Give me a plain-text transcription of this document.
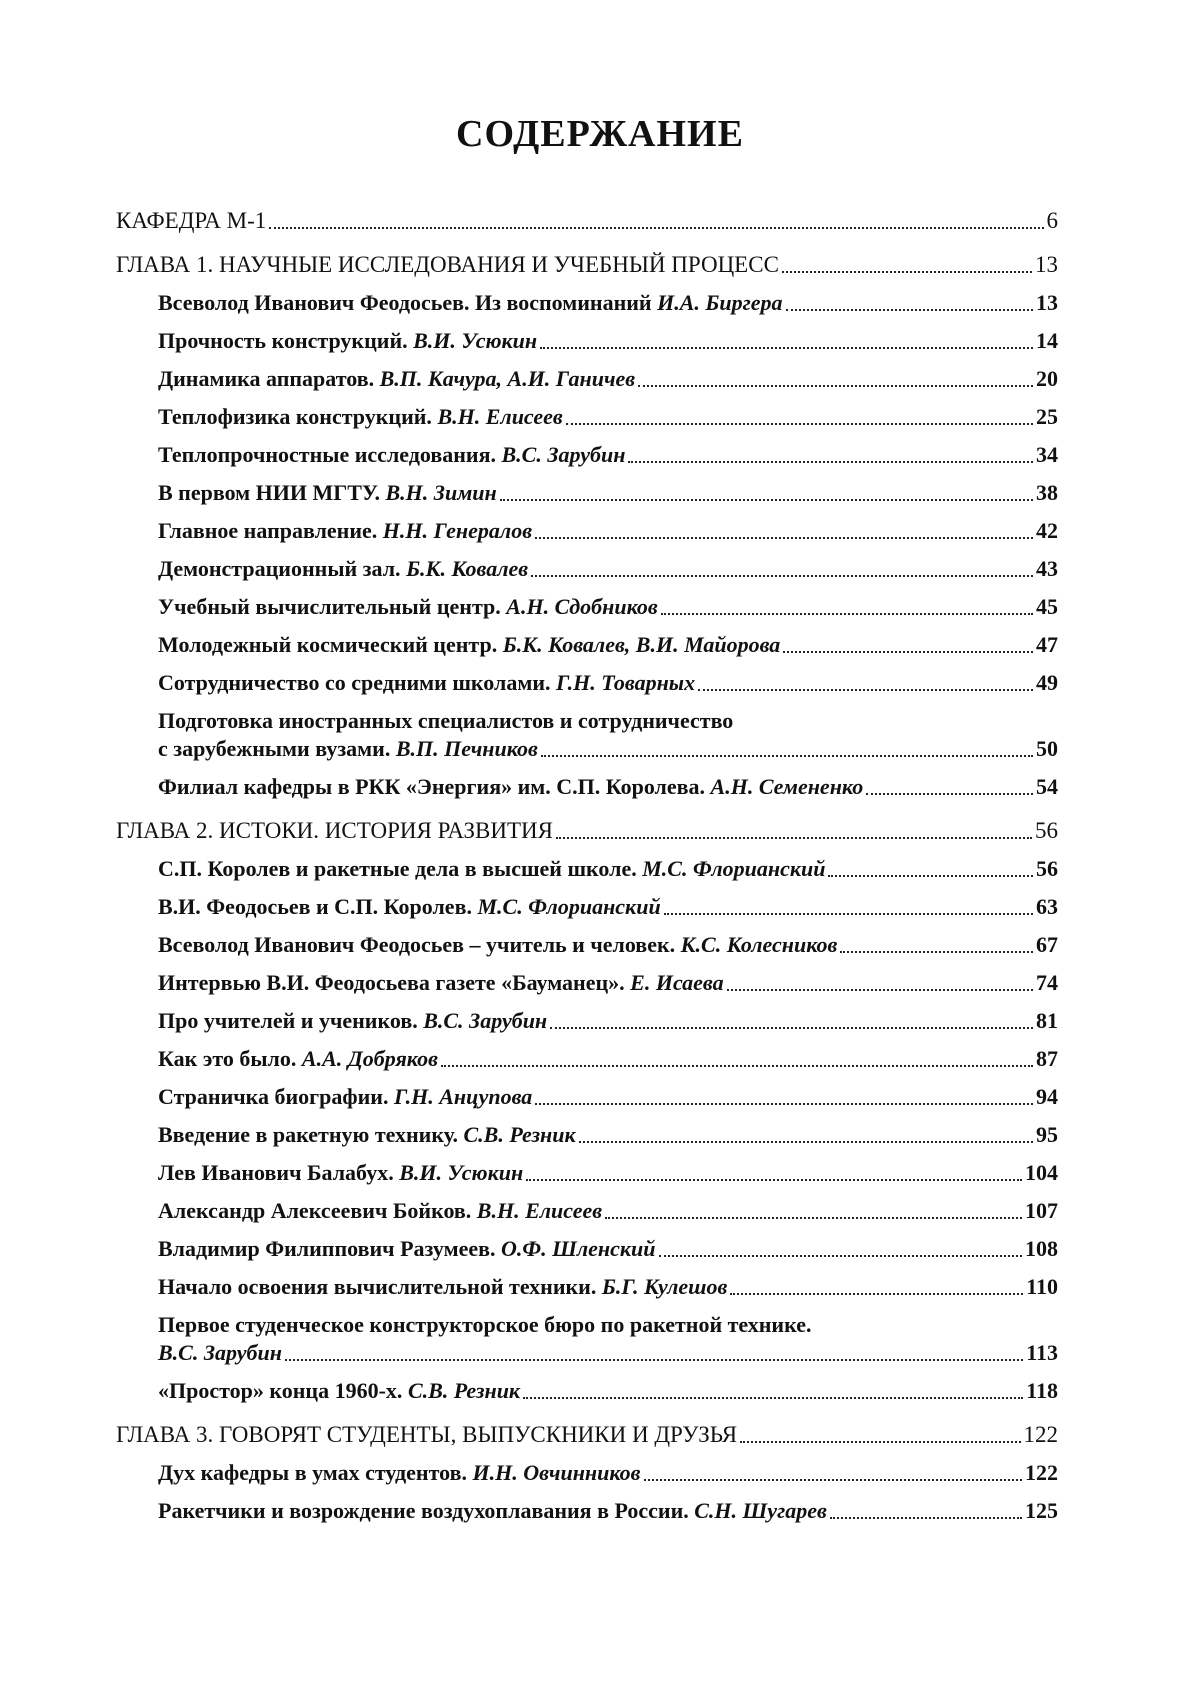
СОДЕРЖАНИЕ
КАФЕДРА М-1	6
ГЛАВА 1. НАУЧНЫЕ ИССЛЕДОВАНИЯ И УЧЕБНЫЙ ПРОЦЕСС	13
Всеволод Иванович Феодосьев. Из воспоминаний И.А. Биргера	13
Прочность конструкций. В.И. Усюкин	14
Динамика аппаратов. В.П. Качура, А.И. Ганичев	20
Теплофизика конструкций. В.Н. Елисеев	25
Теплопрочностные исследования. В.С. Зарубин	34
В первом НИИ МГТУ. В.Н. Зимин	38
Главное направление. Н.Н. Генералов	42
Демонстрационный зал. Б.К. Ковалев	43
Учебный вычислительный центр. А.Н. Сдобников	45
Молодежный космический центр. Б.К. Ковалев, В.И. Майорова	47
Сотрудничество со средними школами. Г.Н. Товарных	49
Подготовка иностранных специалистов и сотрудничество
с зарубежными вузами. В.П. Печников	50
Филиал кафедры в РКК «Энергия» им. С.П. Королева. А.Н. Семененко	54
ГЛАВА 2. ИСТОКИ. ИСТОРИЯ РАЗВИТИЯ	56
С.П. Королев и ракетные дела в высшей школе. М.С. Флорианский	56
В.И. Феодосьев и С.П. Королев. М.С. Флорианский	63
Всеволод Иванович Феодосьев – учитель и человек. К.С. Колесников	67
Интервью В.И. Феодосьева газете «Бауманец». Е. Исаева	74
Про учителей и учеников. В.С. Зарубин	81
Как это было. А.А. Добряков	87
Страничка биографии. Г.Н. Анцупова	94
Введение в ракетную технику. С.В. Резник	95
Лев Иванович Балабух. В.И. Усюкин	104
Александр Алексеевич Бойков. В.Н. Елисеев	107
Владимир Филиппович Разумеев. О.Ф. Шленский	108
Начало освоения вычислительной техники. Б.Г. Кулешов	110
Первое студенческое конструкторское бюро по ракетной технике.
В.С. Зарубин	113
«Простор» конца 1960-х. С.В. Резник	118
ГЛАВА 3. ГОВОРЯТ СТУДЕНТЫ, ВЫПУСКНИКИ И ДРУЗЬЯ	122
Дух кафедры в умах студентов. И.Н. Овчинников	122
Ракетчики и возрождение воздухоплавания в России. С.Н. Шугарев	125
